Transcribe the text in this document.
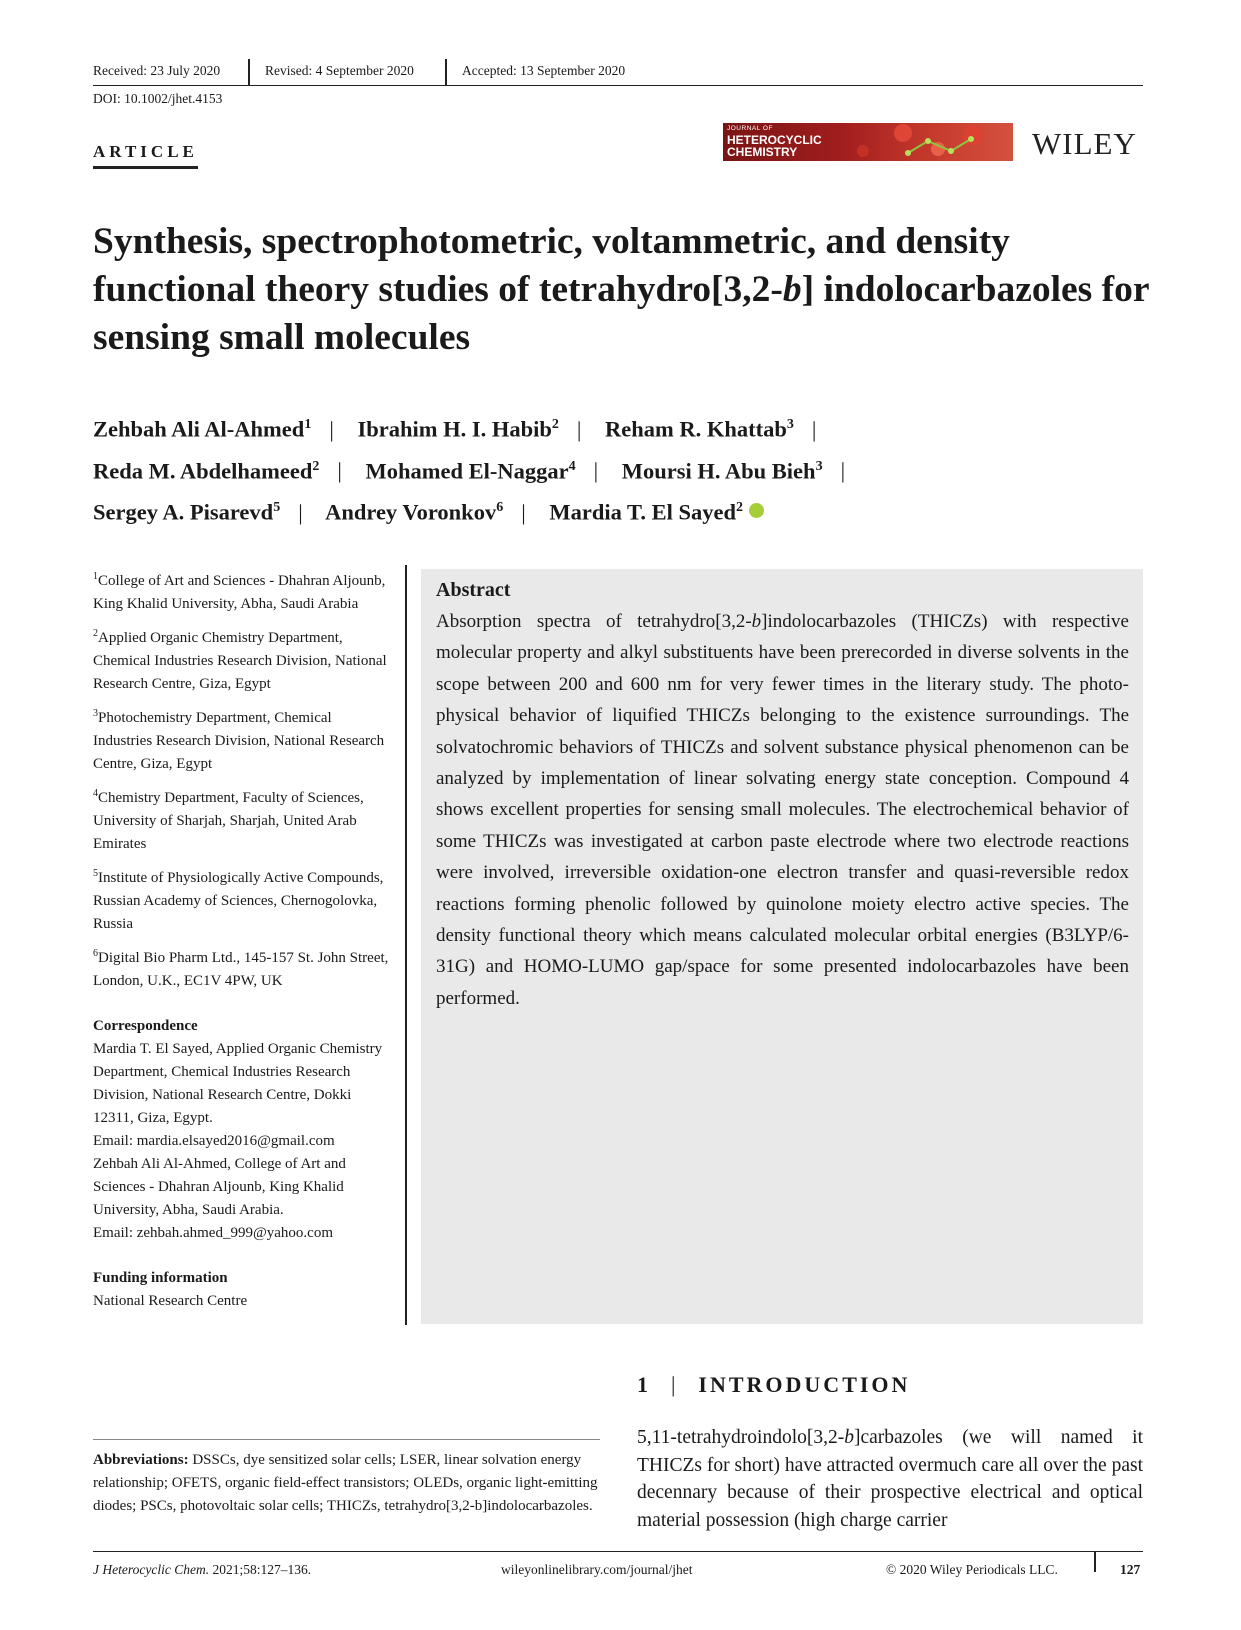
Received: 23 July 2020	Revised: 4 September 2020	Accepted: 13 September 2020
DOI: 10.1002/jhet.4153
ARTICLE
JOURNAL OF
HETEROCYCLIC
CHEMISTRY	WILEY
Synthesis, spectrophotometric, voltammetric, and density functional theory studies of tetrahydro[3,2-b] indolocarbazoles for sensing small molecules
Zehbah Ali Al-Ahmed$^1$ | Ibrahim H. I. Habib$^2$ | Reham R. Khattab$^3$ |
Reda M. Abdelhameed$^2$ | Mohamed El-Naggar$^4$ | Moursi H. Abu Bieh$^3$ |
Sergey A. Pisarevd$^5$ | Andrey Voronkov$^6$ | Mardia T. El Sayed$^2$
$^1$College of Art and Sciences - Dhahran Aljounb, King Khalid University, Abha, Saudi Arabia
$^2$Applied Organic Chemistry Department, Chemical Industries Research Division, National Research Centre, Giza, Egypt
$^3$Photochemistry Department, Chemical Industries Research Division, National Research Centre, Giza, Egypt
$^4$Chemistry Department, Faculty of Sciences, University of Sharjah, Sharjah, United Arab Emirates
$^5$Institute of Physiologically Active Compounds, Russian Academy of Sciences, Chernogolovka, Russia
$^6$Digital Bio Pharm Ltd., 145-157 St. John Street, London, U.K., EC1V 4PW, UK
Correspondence
Mardia T. El Sayed, Applied Organic Chemistry Department, Chemical Industries Research Division, National Research Centre, Dokki 12311, Giza, Egypt.
Email: mardia.elsayed2016@gmail.com
Zehbah Ali Al-Ahmed, College of Art and Sciences - Dhahran Aljounb, King Khalid University, Abha, Saudi Arabia.
Email: zehbah.ahmed_999@yahoo.com
Funding information
National Research Centre
Abstract

Absorption spectra of tetrahydro[3,2-b]indolocarbazoles (THICZs) with respective molecular property and alkyl substituents have been prerecorded in diverse solvents in the scope between 200 and 600 nm for very fewer times in the literary study. The photo-physical behavior of liquified THICZs belonging to the existence surroundings. The solvatochromic behaviors of THICZs and solvent substance physical phenomenon can be analyzed by implementation of linear solvating energy state conception. Compound 4 shows excellent properties for sensing small molecules. The electrochemical behavior of some THICZs was investigated at carbon paste electrode where two electrode reactions were involved, irreversible oxidation-one electron transfer and quasi-reversible redox reactions forming phenolic followed by quinolone moiety electro active species. The density functional theory which means calculated molecular orbital energies (B3LYP/6-31G) and HOMO-LUMO gap/space for some presented indolocarbazoles have been performed.

Abbreviations: DSSCs, dye sensitized solar cells; LSER, linear solvation energy relationship; OFETS, organic field-effect transistors; OLEDs, organic light-emitting diodes; PSCs, photovoltaic solar cells; THICZs, tetrahydro[3,2-b]indolocarbazoles.
1 | INTRODUCTION
5,11-tetrahydroindolo[3,2-b]carbazoles (we will named it THICZs for short) have attracted overmuch care all over the past decennary because of their prospective electrical and optical material possession (high charge carrier
J Heterocyclic Chem. 2021;58:127–136.	wileyonlinelibrary.com/journal/jhet	© 2020 Wiley Periodicals LLC.	127
